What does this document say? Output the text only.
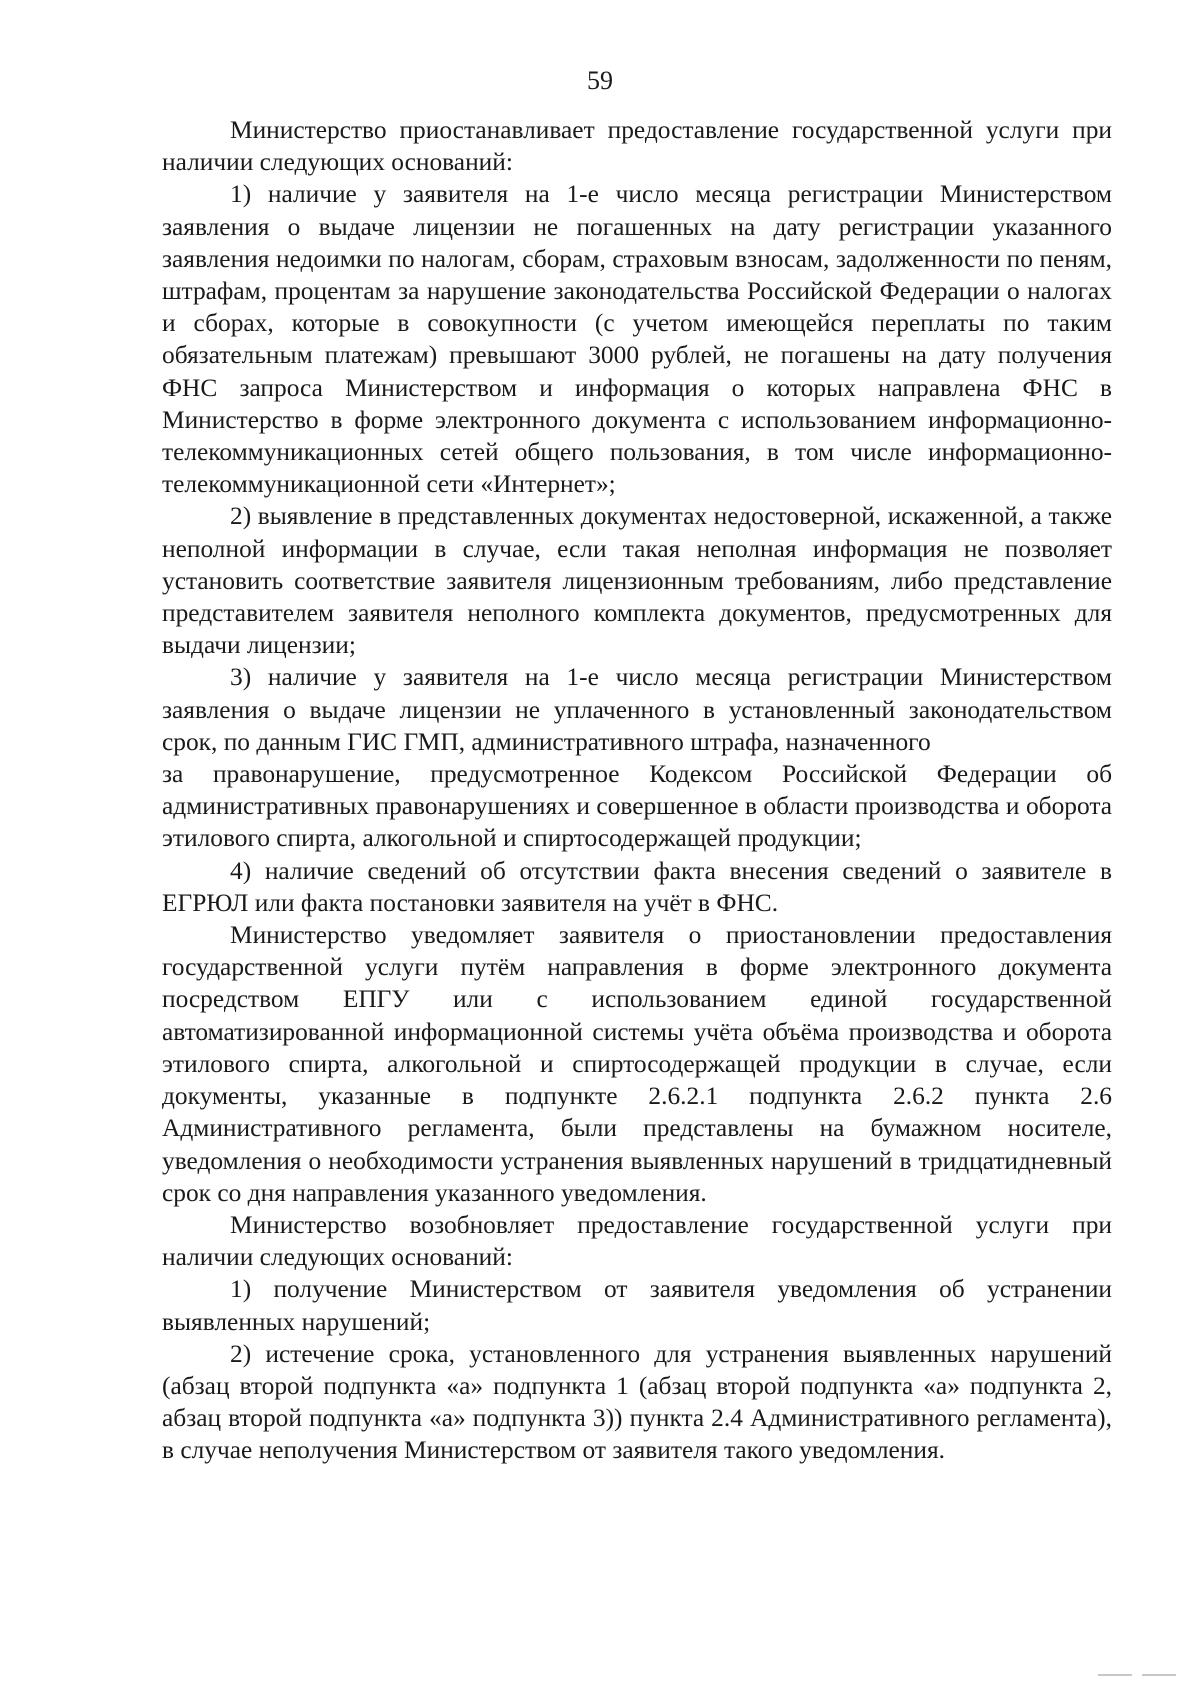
59

Министерство приостанавливает предоставление государственной услуги при наличии следующих оснований:

1) наличие у заявителя на 1-е число месяца регистрации Министерством заявления о выдаче лицензии не погашенных на дату регистрации указанного заявления недоимки по налогам, сборам, страховым взносам, задолженности по пеням, штрафам, процентам за нарушение законодательства Российской Федерации о налогах и сборах, которые в совокупности (с учетом имеющейся переплаты по таким обязательным платежам) превышают 3000 рублей, не погашены на дату получения ФНС запроса Министерством и информация о которых направлена ФНС в Министерство в форме электронного документа с использованием информационно-телекоммуникационных сетей общего пользования, в том числе информационно-телекоммуникационной сети «Интернет»;

2) выявление в представленных документах недостоверной, искаженной, а также неполной информации в случае, если такая неполная информация не позволяет установить соответствие заявителя лицензионным требованиям, либо представление представителем заявителя неполного комплекта документов, предусмотренных для выдачи лицензии;

3) наличие у заявителя на 1-е число месяца регистрации Министерством заявления о выдаче лицензии не уплаченного в установленный законодательством срок, по данным ГИС ГМП, административного штрафа, назначенного

за правонарушение, предусмотренное Кодексом Российской Федерации об административных правонарушениях и совершенное в области производства и оборота этилового спирта, алкогольной и спиртосодержащей продукции;

4) наличие сведений об отсутствии факта внесения сведений о заявителе в ЕГРЮЛ или факта постановки заявителя на учёт в ФНС.

Министерство уведомляет заявителя о приостановлении предоставления государственной услуги путём направления в форме электронного документа посредством ЕПГУ или с использованием единой государственной автоматизированной информационной системы учёта объёма производства и оборота этилового спирта, алкогольной и спиртосодержащей продукции в случае, если документы, указанные в подпункте 2.6.2.1 подпункта 2.6.2 пункта 2.6 Административного регламента, были представлены на бумажном носителе, уведомления о необходимости устранения выявленных нарушений в тридцатидневный срок со дня направления указанного уведомления.

Министерство возобновляет предоставление государственной услуги при наличии следующих оснований:

1) получение Министерством от заявителя уведомления об устранении выявленных нарушений;

2) истечение срока, установленного для устранения выявленных нарушений (абзац второй подпункта «а» подпункта 1 (абзац второй подпункта «а» подпункта 2, абзац второй подпункта «а» подпункта 3)) пункта 2.4 Административного регламента), в случае неполучения Министерством от заявителя такого уведомления.
